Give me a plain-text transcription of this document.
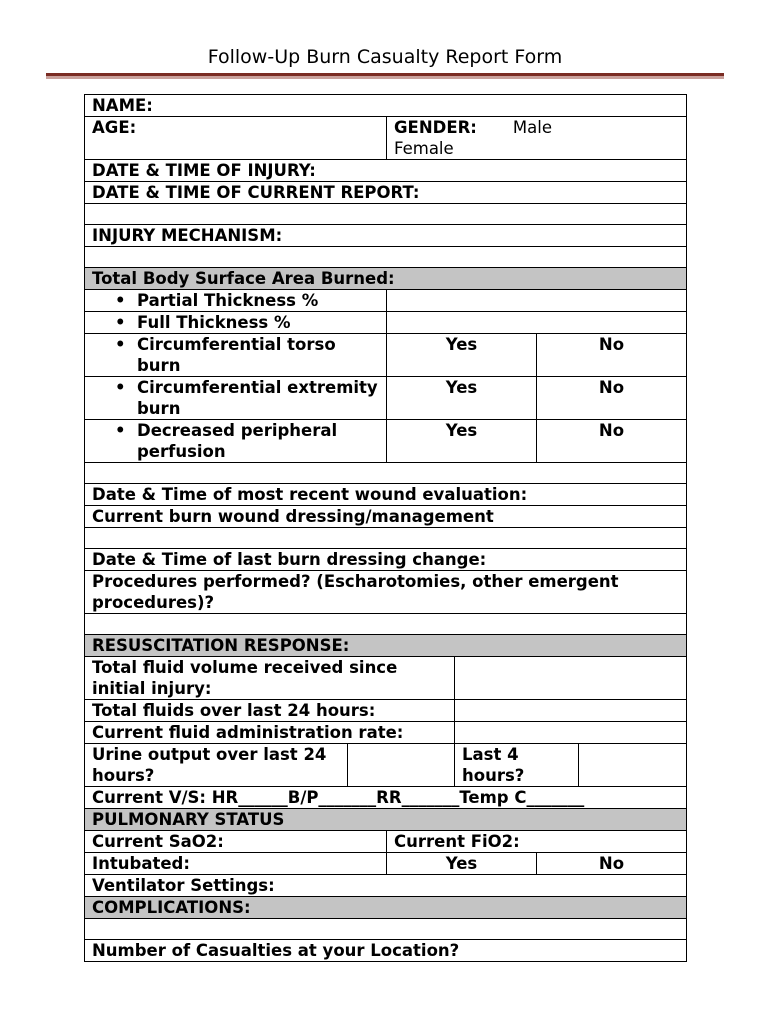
Follow-Up Burn Casualty Report Form
NAME:
AGE:	GENDER: Male
Female
DATE & TIME OF INJURY:
DATE & TIME OF CURRENT REPORT:
INJURY MECHANISM:
Total Body Surface Area Burned:
• Partial Thickness %
• Full Thickness %
• Circumferential torso burn
Yes	No
• Circumferential extremity burn
Yes	No
• Decreased peripheral perfusion
Yes	No
Date & Time of most recent wound evaluation:
Current burn wound dressing/management
Date & Time of last burn dressing change:
Procedures performed? (Escharotomies, other emergent procedures)?
RESUSCITATION RESPONSE:
Total fluid volume received since initial injury:
Total fluids over last 24 hours:
Current fluid administration rate:
Urine output over last 24 hours?
Last 4 hours?
Current V/S: HR______B/P_______RR_______Temp C_______
PULMONARY STATUS
Current SaO2:	Current FiO2:
Intubated:	Yes	No
Ventilator Settings:
COMPLICATIONS:
Number of Casualties at your Location?
